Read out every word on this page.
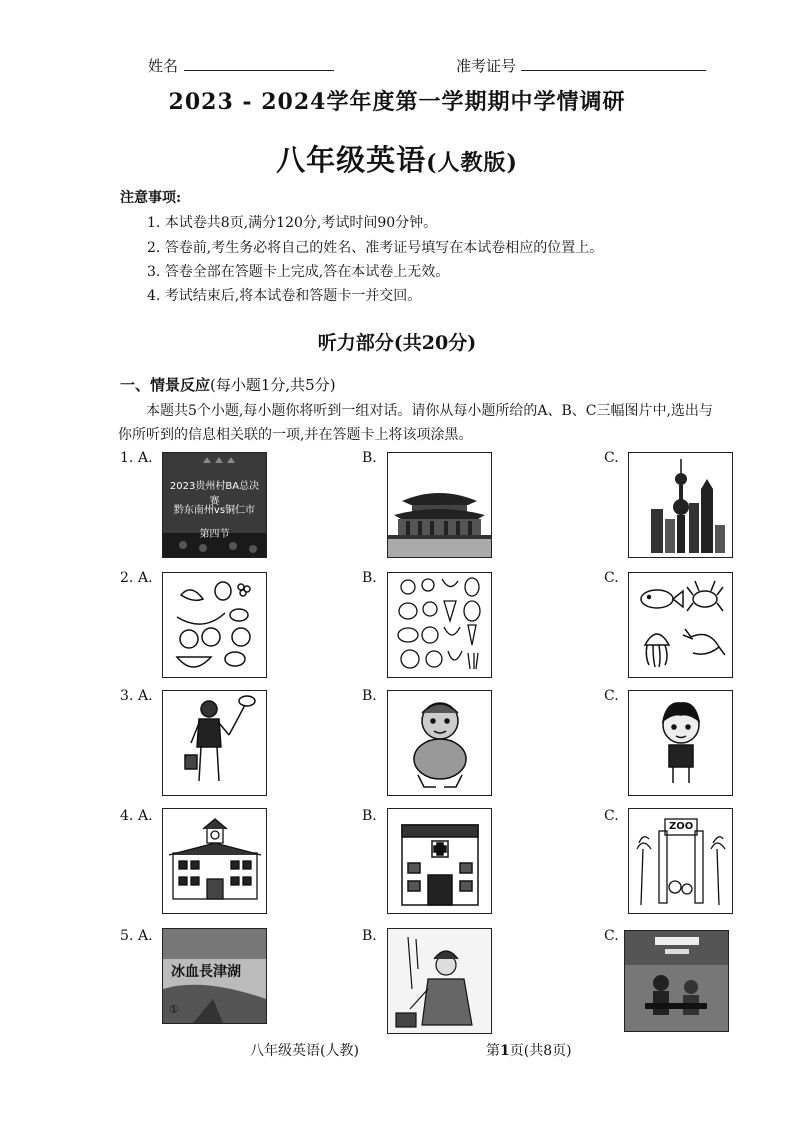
姓名	准考证号
2023 - 2024学年度第一学期期中学情调研
八年级英语(人教版)
注意事项:
1. 本试卷共8页,满分120分,考试时间90分钟。
2. 答卷前,考生务必将自己的姓名、准考证号填写在本试卷相应的位置上。
3. 答卷全部在答题卡上完成,答在本试卷上无效。
4. 考试结束后,将本试卷和答题卡一并交回。
听力部分(共20分)
一、情景反应(每小题1分,共5分)
本题共5个小题,每小题你将听到一组对话。请你从每小题所给的A、B、C三幅图片中,选出与你所听到的信息相关联的一项,并在答题卡上将该项涂黑。
1. A.	B.	C.
2. A.	B.	C.
3. A.	B.	C.
4. A.	B.	C.
5. A.	B.	C.
2023贵州村BA总决赛
黔东南州vs铜仁市
第四节
ZOO
冰血長津湖
①
八年级英语(人教)	第1页(共8页)
